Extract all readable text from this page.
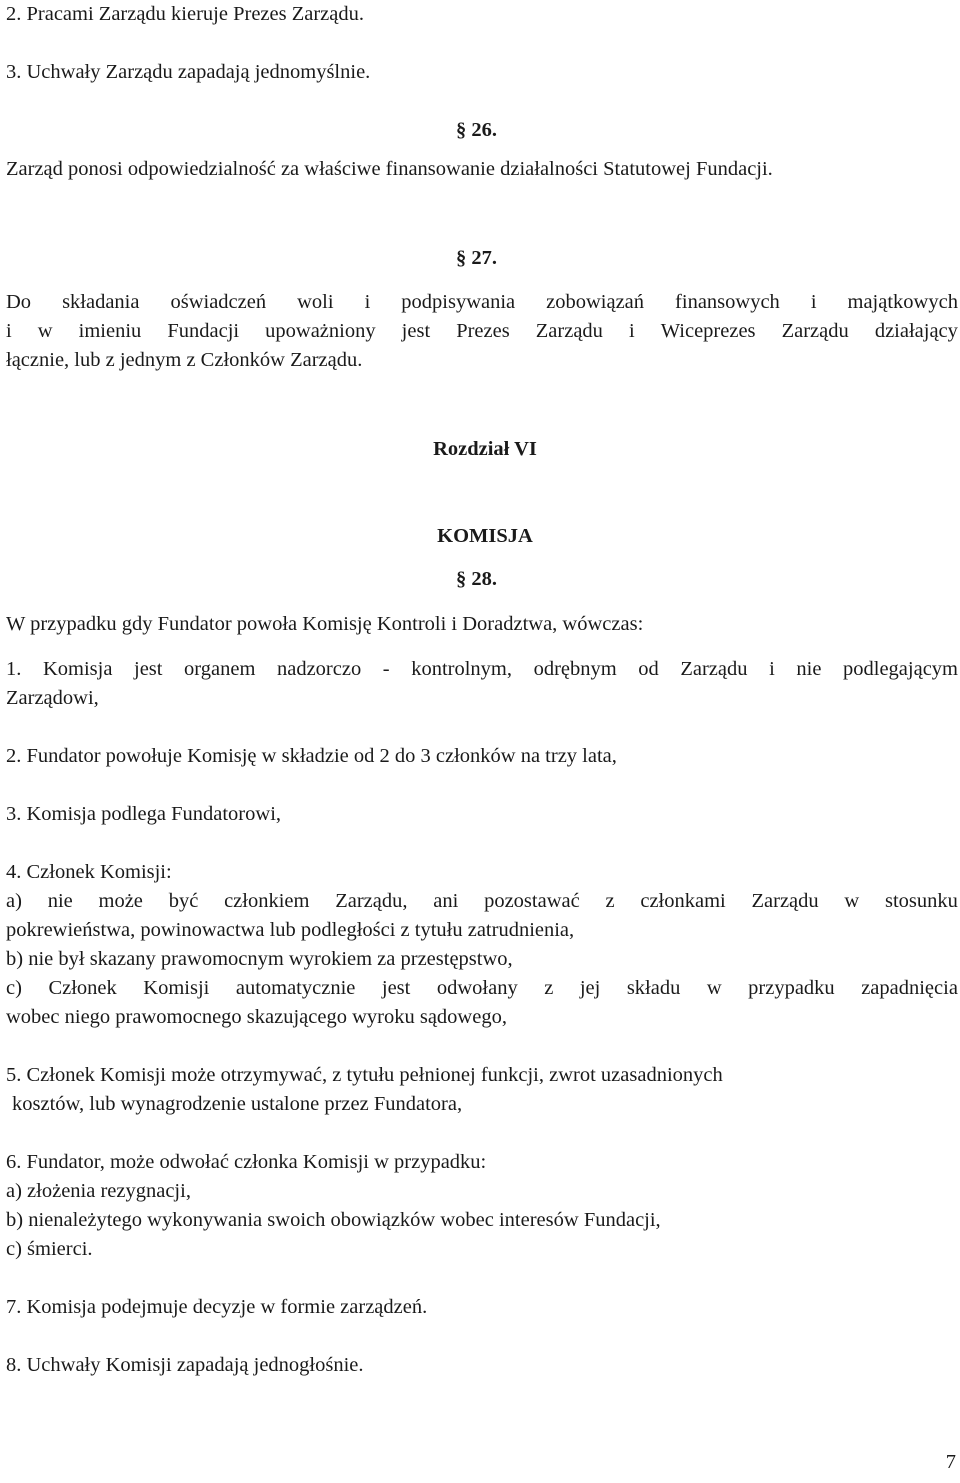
2. Pracami Zarządu kieruje Prezes Zarządu.
3. Uchwały Zarządu zapadają jednomyślnie.
§ 26.
Zarząd ponosi odpowiedzialność za właściwe finansowanie działalności Statutowej Fundacji.
§ 27.
Do składania oświadczeń woli i podpisywania zobowiązań finansowych i majątkowych
i w imieniu Fundacji upoważniony jest Prezes Zarządu i Wiceprezes Zarządu działający
łącznie, lub z jednym z Członków Zarządu.
Rozdział VI
KOMISJA
§ 28.
W przypadku gdy Fundator powoła Komisję Kontroli i Doradztwa, wówczas:
1. Komisja jest organem nadzorczo - kontrolnym, odrębnym od Zarządu i nie podlegającym
Zarządowi,
2. Fundator powołuje Komisję w składzie od 2 do 3 członków na trzy lata,
3. Komisja podlega Fundatorowi,
4. Członek Komisji:
a) nie może być członkiem Zarządu, ani pozostawać z członkami Zarządu w stosunku
pokrewieństwa, powinowactwa lub podległości z tytułu zatrudnienia,
b) nie był skazany prawomocnym wyrokiem za przestępstwo,
c) Członek Komisji automatycznie jest odwołany z jej składu w przypadku zapadnięcia
wobec niego prawomocnego skazującego wyroku sądowego,
5. Członek Komisji może otrzymywać, z tytułu pełnionej funkcji, zwrot uzasadnionych
kosztów, lub wynagrodzenie ustalone przez Fundatora,
6. Fundator, może odwołać członka Komisji w przypadku:
a) złożenia rezygnacji,
b) nienależytego wykonywania swoich obowiązków wobec interesów Fundacji,
c) śmierci.
7. Komisja podejmuje decyzje w formie zarządzeń.
8. Uchwały Komisji zapadają jednogłośnie.
7
